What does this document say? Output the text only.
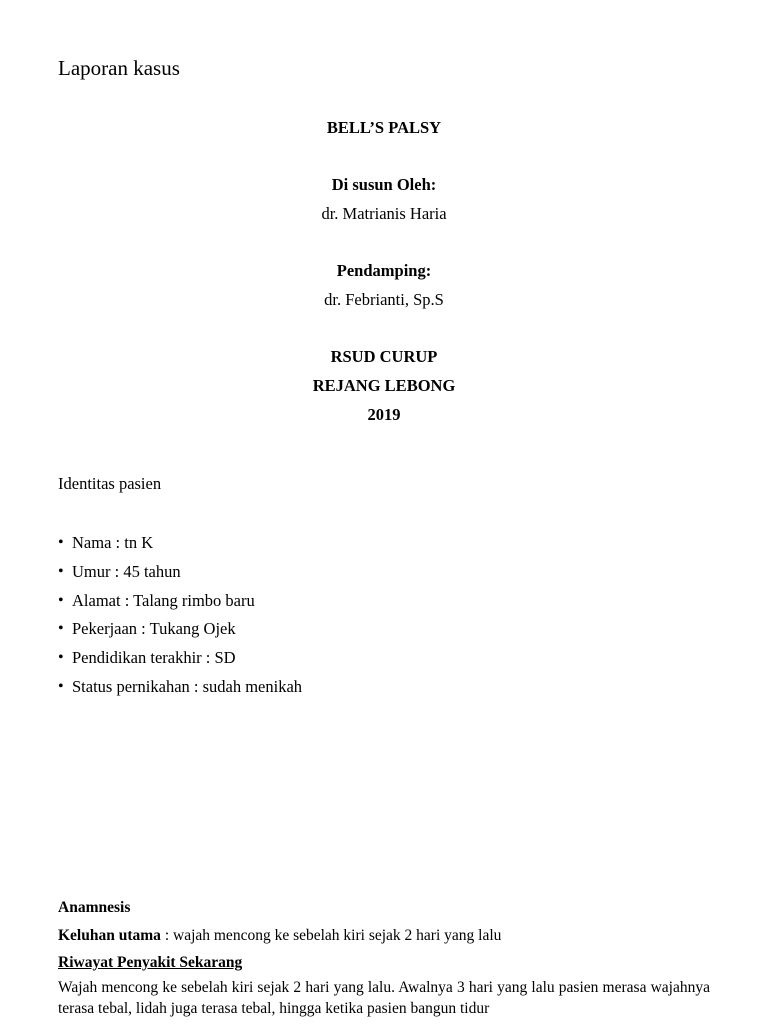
Laporan kasus
BELL’S PALSY
Di susun Oleh:
dr. Matrianis Haria
Pendamping:
dr. Febrianti, Sp.S
RSUD CURUP
REJANG LEBONG
2019
Identitas pasien
• Nama : tn K
• Umur : 45 tahun
• Alamat : Talang rimbo baru
• Pekerjaan : Tukang Ojek
• Pendidikan terakhir : SD
• Status pernikahan : sudah menikah
Anamnesis
Keluhan utama : wajah mencong ke sebelah kiri sejak 2 hari yang lalu
Riwayat Penyakit Sekarang
Wajah mencong ke sebelah kiri sejak 2 hari yang lalu. Awalnya 3 hari yang lalu pasien merasa wajahnya terasa tebal, lidah juga terasa tebal, hingga ketika pasien bangun tidur
